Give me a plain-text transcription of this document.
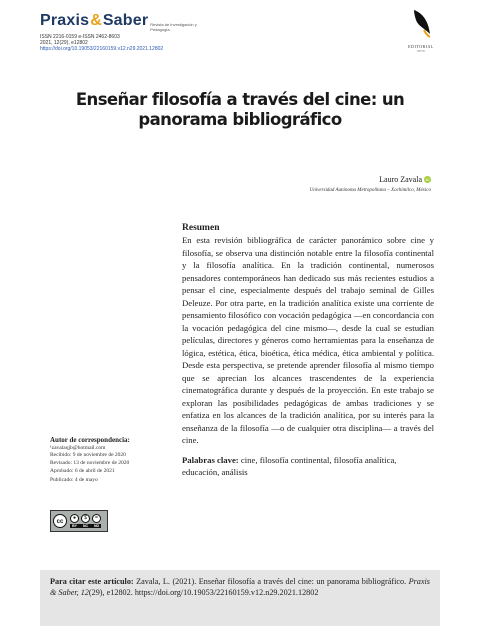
Praxis & Saber Revista de Investigación y Pedagogía
ISSN 2216-0159 e-ISSN 2462-8603
2021, 12(29), e12802
https://doi.org/10.19053/22160159.v12.n29.2021.12802	EDITORIAL
UPTC
Enseñar filosofía a través del cine: un panorama bibliográfico
Lauro Zavala iD
Universidad Autónoma Metropolitana – Xochimilco, México
Resumen

En esta revisión bibliográfica de carácter panorámico sobre cine y filosofía, se observa una distinción notable entre la filosofía continental y la filosofía analítica. En la tradición continental, numerosos pensadores contemporáneos han dedicado sus más recientes estudios a pensar el cine, especialmente después del trabajo seminal de Gilles Deleuze. Por otra parte, en la tradición analítica existe una corriente de pensamiento filosófico con vocación pedagógica —en concordancia con la vocación pedagógica del cine mismo—, desde la cual se estudian películas, directores y géneros como herramientas para la enseñanza de lógica, estética, ética, bioética, ética médica, ética ambiental y política. Desde esta perspectiva, se pretende aprender filosofía al mismo tiempo que se aprecian los alcances trascendentes de la experiencia cinematográfica durante y después de la proyección. En este trabajo se exploran las posibilidades pedagógicas de ambas tradiciones y se enfatiza en los alcances de la tradición analítica, por su interés para la enseñanza de la filosofía —o de cualquier otra disciplina— a través del cine.

Palabras clave: cine, filosofía continental, filosofía analítica, educación, análisis
Autor de correspondencia:
¹zavalaqjb@hotmail.com
Recibido: 9 de noviembre de 2020
Revisado: 13 de noviembre de 2020
Aprobado: 6 de abril de 2021
Publicado: 4 de mayo
cc
●	$	=
BY	NC	ND

Para citar este artículo: Zavala, L. (2021). Enseñar filosofía a través del cine: un panorama bibliográfico. Praxis & Saber, 12(29), e12802. https://doi.org/10.19053/22160159.v12.n29.2021.12802
